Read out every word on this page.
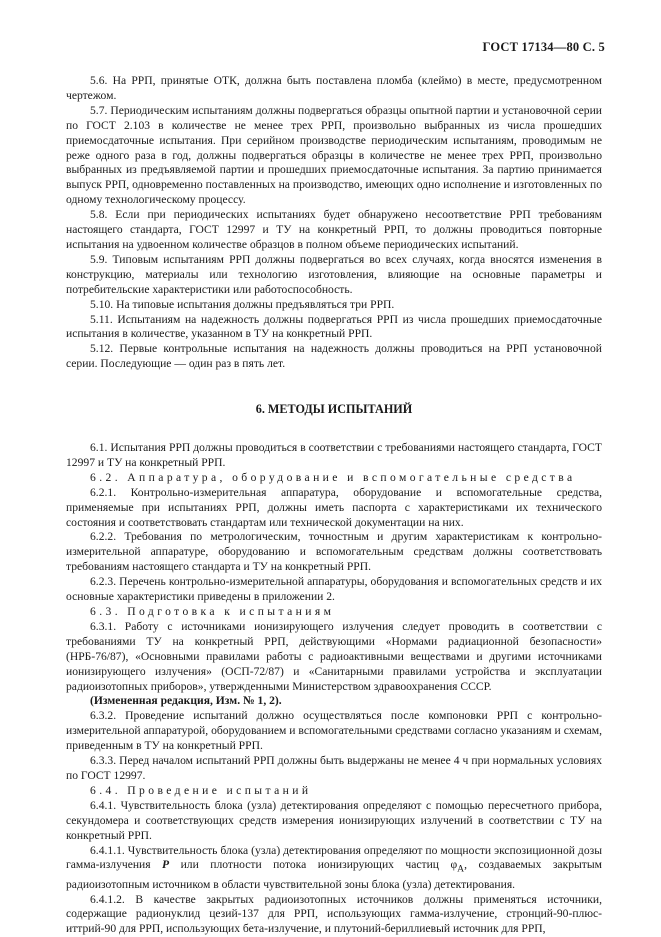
ГОСТ 17134—80 С. 5

5.6. На РРП, принятые ОТК, должна быть поставлена пломба (клеймо) в месте, предусмотренном чертежом.

5.7. Периодическим испытаниям должны подвергаться образцы опытной партии и установочной серии по ГОСТ 2.103 в количестве не менее трех РРП, произвольно выбранных из числа прошедших приемосдаточные испытания. При серийном производстве периодическим испытаниям, проводимым не реже одного раза в год, должны подвергаться образцы в количестве не менее трех РРП, произвольно выбранных из предъявляемой партии и прошедших приемосдаточные испытания. За партию принимается выпуск РРП, одновременно поставленных на производство, имеющих одно исполнение и изготовленных по одному технологическому процессу.

5.8. Если при периодических испытаниях будет обнаружено несоответствие РРП требованиям настоящего стандарта, ГОСТ 12997 и ТУ на конкретный РРП, то должны проводиться повторные испытания на удвоенном количестве образцов в полном объеме периодических испытаний.

5.9. Типовым испытаниям РРП должны подвергаться во всех случаях, когда вносятся изменения в конструкцию, материалы или технологию изготовления, влияющие на основные параметры и потребительские характеристики или работоспособность.

5.10. На типовые испытания должны предъявляться три РРП.

5.11. Испытаниям на надежность должны подвергаться РРП из числа прошедших приемосдаточные испытания в количестве, указанном в ТУ на конкретный РРП.

5.12. Первые контрольные испытания на надежность должны проводиться на РРП установочной серии. Последующие — один раз в пять лет.

6. МЕТОДЫ ИСПЫТАНИЙ

6.1. Испытания РРП должны проводиться в соответствии с требованиями настоящего стандарта, ГОСТ 12997 и ТУ на конкретный РРП.

6.2. Аппаратура, оборудование и вспомогательные средства

6.2.1. Контрольно-измерительная аппаратура, оборудование и вспомогательные средства, применяемые при испытаниях РРП, должны иметь паспорта с характеристиками их технического состояния и соответствовать стандартам или технической документации на них.

6.2.2. Требования по метрологическим, точностным и другим характеристикам к контрольно-измерительной аппаратуре, оборудованию и вспомогательным средствам должны соответствовать требованиям настоящего стандарта и ТУ на конкретный РРП.

6.2.3. Перечень контрольно-измерительной аппаратуры, оборудования и вспомогательных средств и их основные характеристики приведены в приложении 2.

6.3. Подготовка к испытаниям

6.3.1. Работу с источниками ионизирующего излучения следует проводить в соответствии с требованиями ТУ на конкретный РРП, действующими «Нормами радиационной безопасности» (НРБ-76/87), «Основными правилами работы с радиоактивными веществами и другими источниками ионизирующего излучения» (ОСП-72/87) и «Санитарными правилами устройства и эксплуатации радиоизотопных приборов», утвержденными Министерством здравоохранения СССР.

(Измененная редакция, Изм. № 1, 2).

6.3.2. Проведение испытаний должно осуществляться после компоновки РРП с контрольно-измерительной аппаратурой, оборудованием и вспомогательными средствами согласно указаниям и схемам, приведенным в ТУ на конкретный РРП.

6.3.3. Перед началом испытаний РРП должны быть выдержаны не менее 4 ч при нормальных условиях по ГОСТ 12997.

6.4. Проведение испытаний

6.4.1. Чувствительность блока (узла) детектирования определяют с помощью пересчетного прибора, секундомера и соответствующих средств измерения ионизирующих излучений в соответствии с ТУ на конкретный РРП.

6.4.1.1. Чувствительность блока (узла) детектирования определяют по мощности экспозиционной дозы гамма-излучения P или плотности потока ионизирующих частиц $\varphi_A$, создаваемых закрытым радиоизотопным источником в области чувствительной зоны блока (узла) детектирования.

6.4.1.2. В качестве закрытых радиоизотопных источников должны применяться источники, содержащие радионуклид цезий-137 для РРП, использующих гамма-излучение, стронций-90-плюс-иттрий-90 для РРП, использующих бета-излучение, и плутоний-бериллиевый источник для РРП,
